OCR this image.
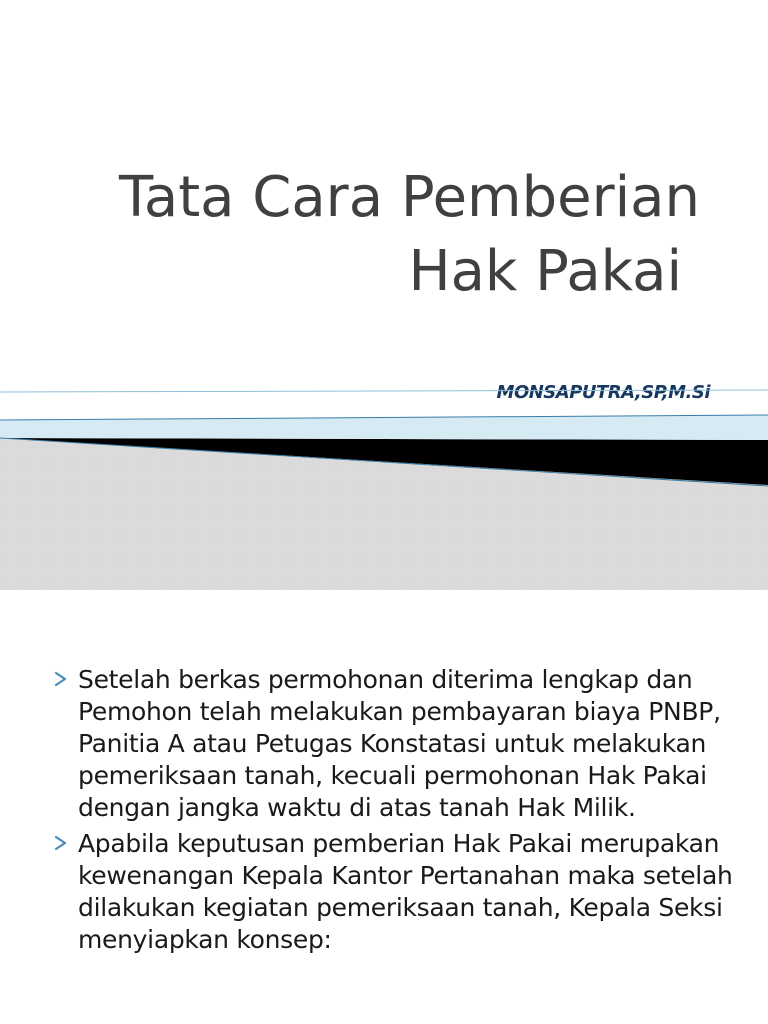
Tata Cara Pemberian
Hak Pakai

MONSAPUTRA,SP,M.Si

Setelah berkas permohonan diterima lengkap dan Pemohon telah melakukan pembayaran biaya PNBP, Panitia A atau Petugas Konstatasi untuk melakukan pemeriksaan tanah, kecuali permohonan Hak Pakai dengan jangka waktu di atas tanah Hak Milik.
Apabila keputusan pemberian Hak Pakai merupakan kewenangan Kepala Kantor Pertanahan maka setelah dilakukan kegiatan pemeriksaan tanah, Kepala Seksi menyiapkan konsep:
